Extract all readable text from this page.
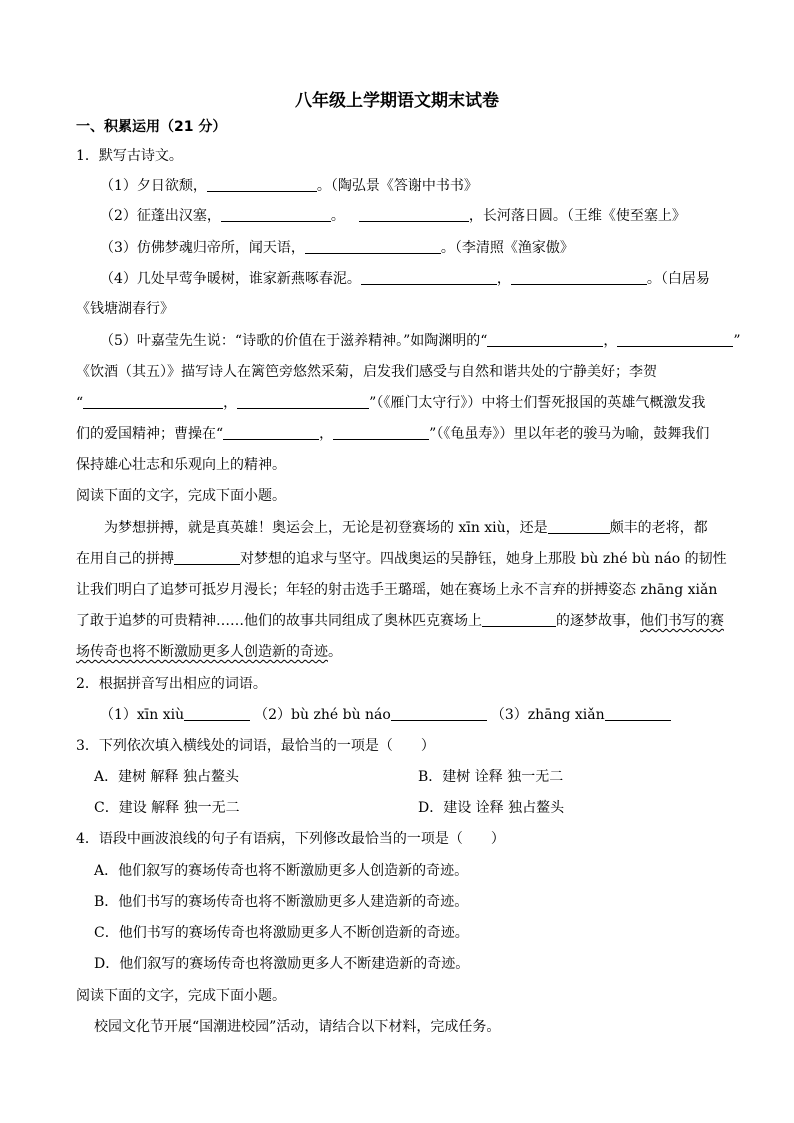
八年级上学期语文期末试卷
一、积累运用（21 分）
1．默写古诗文。
（1）夕日欲颓，	。（陶弘景《答谢中书书》
（2）征蓬出汉塞，	。	，长河落日圆。（王维《使至塞上》
（3）仿佛梦魂归帝所，闻天语，	。（李清照《渔家傲》
（4）几处早莺争暖树，谁家新燕啄春泥。	，	。（白居易
《钱塘湖春行》
（5）叶嘉莹先生说：“诗歌的价值在于滋养精神。”如陶渊明的“	，	”
《饮酒（其五）》描写诗人在篱笆旁悠然采菊，启发我们感受与自然和谐共处的宁静美好；李贺
“	，	”（《雁门太守行》）中将士们誓死报国的英雄气概激发我
们的爱国精神；曹操在“	，	”（《龟虽寿》）里以年老的骏马为喻，鼓舞我们
保持雄心壮志和乐观向上的精神。
阅读下面的文字，完成下面小题。
为梦想拼搏，就是真英雄！奥运会上，无论是初登赛场的 xīn xiù，还是	颇丰的老将，都
在用自己的拼搏	对梦想的追求与坚守。四战奥运的吴静钰，她身上那股 bù zhé bù náo 的韧性
让我们明白了追梦可抵岁月漫长；年轻的射击选手王璐瑶，她在赛场上永不言弃的拼搏姿态 zhāng xiǎn
了敢于追梦的可贵精神……他们的故事共同组成了奥林匹克赛场上	的逐梦故事，他们书写的赛
场传奇也将不断激励更多人创造新的奇迹。
2．根据拼音写出相应的词语。
（1）xīn xiù	（2）bù zhé bù náo	（3）zhāng xiǎn
3．下列依次填入横线处的词语，最恰当的一项是（　　）
A．建树 解释 独占鳌头	B．建树 诠释 独一无二
C．建设 解释 独一无二	D．建设 诠释 独占鳌头
4．语段中画波浪线的句子有语病，下列修改最恰当的一项是（　　）
A．他们叙写的赛场传奇也将不断激励更多人创造新的奇迹。
B．他们书写的赛场传奇也将不断激励更多人建造新的奇迹。
C．他们书写的赛场传奇也将激励更多人不断创造新的奇迹。
D．他们叙写的赛场传奇也将激励更多人不断建造新的奇迹。
阅读下面的文字，完成下面小题。
校园文化节开展“国潮进校园”活动，请结合以下材料，完成任务。
